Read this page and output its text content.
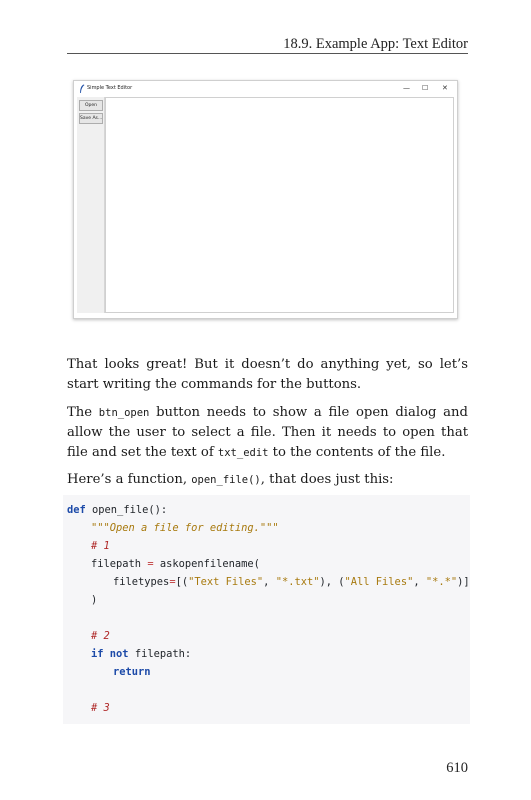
18.9. Example App: Text Editor
Simple Text Editor	— ☐ ✕
Open
Save As...

That looks great! But it doesn’t do anything yet, so let’s start writing the commands for the buttons.

The btn_open button needs to show a file open dialog and allow the user to select a file. Then it needs to open that file and set the text of txt_edit to the contents of the file.

Here’s a function, open_file(), that does just this:

def open_file():
"""Open a file for editing."""
# 1
filepath = askopenfilename(
filetypes=[("Text Files", "*.txt"), ("All Files", "*.*")]
)
# 2
if not filepath:
return
# 3
610
